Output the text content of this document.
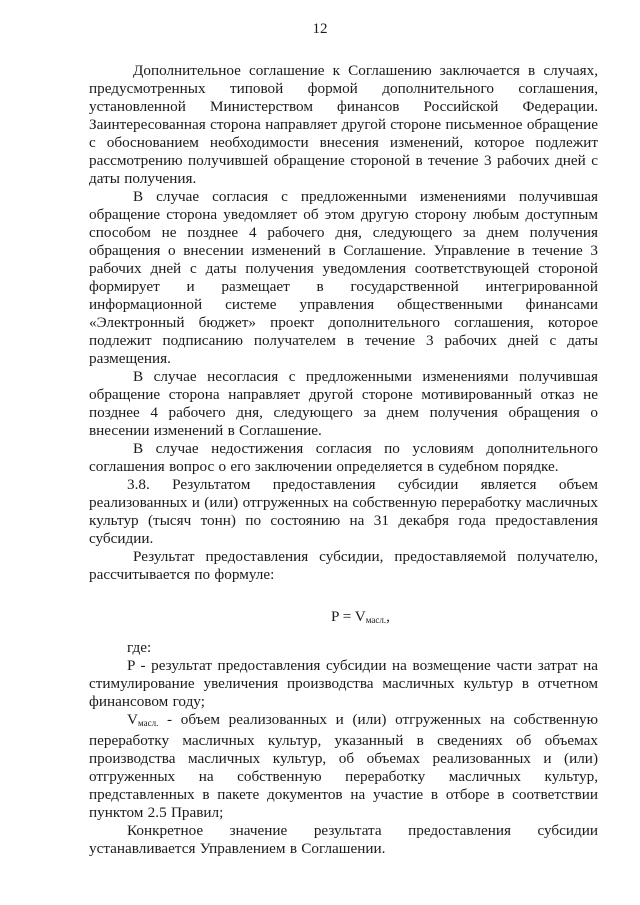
12

Дополнительное соглашение к Соглашению заключается в случаях, предусмотренных типовой формой дополнительного соглашения, установленной Министерством финансов Российской Федерации. Заинтересованная сторона направляет другой стороне письменное обращение с обоснованием необходимости внесения изменений, которое подлежит рассмотрению получившей обращение стороной в течение 3 рабочих дней с даты получения.

В случае согласия с предложенными изменениями получившая обращение сторона уведомляет об этом другую сторону любым доступным способом не позднее 4 рабочего дня, следующего за днем получения обращения о внесении изменений в Соглашение. Управление в течение 3 рабочих дней с даты получения уведомления соответствующей стороной формирует и размещает в государственной интегрированной информационной системе управления общественными финансами «Электронный бюджет» проект дополнительного соглашения, которое подлежит подписанию получателем в течение 3 рабочих дней с даты размещения.

В случае несогласия с предложенными изменениями получившая обращение сторона направляет другой стороне мотивированный отказ не позднее 4 рабочего дня, следующего за днем получения обращения о внесении изменений в Соглашение.

В случае недостижения согласия по условиям дополнительного соглашения вопрос о его заключении определяется в судебном порядке.

3.8. Результатом предоставления субсидии является объем реализованных и (или) отгруженных на собственную переработку масличных культур (тысяч тонн) по состоянию на 31 декабря года предоставления субсидии.

Результат предоставления субсидии, предоставляемой получателю, рассчитывается по формуле:

$P = V_{масл.}$,

где:

P - результат предоставления субсидии на возмещение части затрат на стимулирование увеличения производства масличных культур в отчетном финансовом году;

$V_{масл.}$ - объем реализованных и (или) отгруженных на собственную переработку масличных культур, указанный в сведениях об объемах производства масличных культур, об объемах реализованных и (или) отгруженных на собственную переработку масличных культур, представленных в пакете документов на участие в отборе в соответствии пунктом 2.5 Правил;

Конкретное значение результата предоставления субсидии устанавливается Управлением в Соглашении.
